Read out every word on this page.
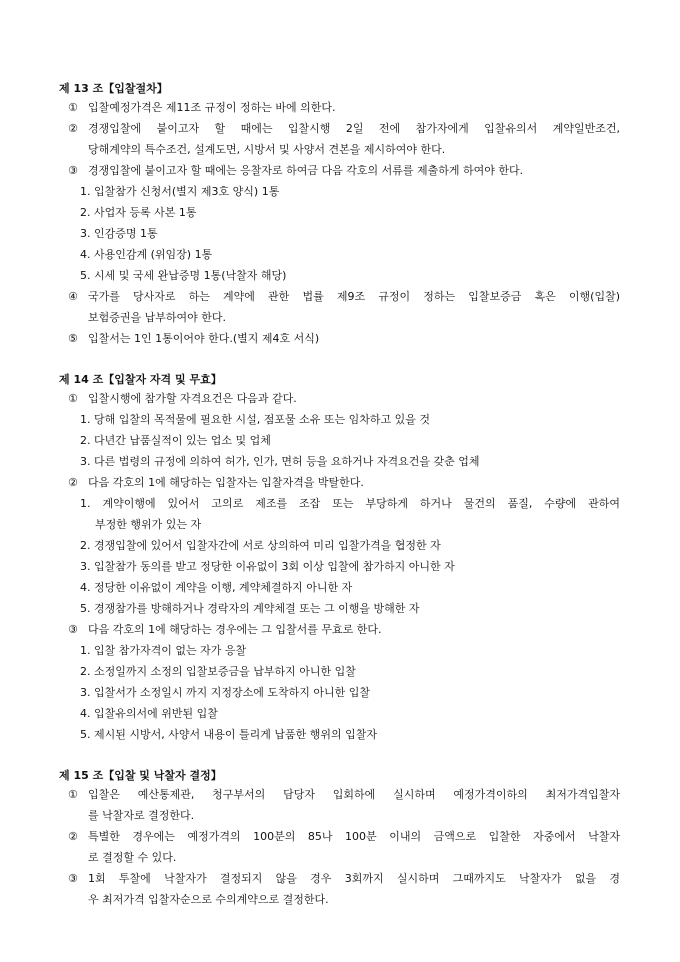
제 13 조【입찰절차】
① 입찰예정가격은 제11조 규정이 정하는 바에 의한다.
② 경쟁입찰에 붙이고자 할 때에는 입찰시행 2일 전에 참가자에게 입찰유의서 계약일반조건,
당해계약의 특수조건, 설계도면, 시방서 및 사양서 견본을 제시하여야 한다.
③ 경쟁입찰에 붙이고자 할 때에는 응찰자로 하여금 다음 각호의 서류를 제출하게 하여야 한다.
1. 입찰참가 신청서(별지 제3호 양식) 1통
2. 사업자 등록 사본 1통
3. 인감증명 1통
4. 사용인감계 (위임장) 1통
5. 시세 및 국세 완납증명 1통(낙찰자 해당)
④ 국가를 당사자로 하는 계약에 관한 법률 제9조 규정이 정하는 입찰보증금 혹은 이행(입찰)
보험증권을 납부하여야 한다.
⑤ 입찰서는 1인 1통이어야 한다.(별지 제4호 서식)
제 14 조【입찰자 자격 및 무효】
① 입찰시행에 참가할 자격요건은 다음과 같다.
1. 당해 입찰의 목적물에 필요한 시설, 점포물 소유 또는 임차하고 있을 것
2. 다년간 납품실적이 있는 업소 및 업체
3. 다른 법령의 규정에 의하여 허가, 인가, 면허 등을 요하거나 자격요건을 갖춘 업체
② 다음 각호의 1에 해당하는 입찰자는 입찰자격을 박탈한다.
1. 계약이행에 있어서 고의로 제조를 조잡 또는 부당하게 하거나 물건의 품질, 수량에 관하여
부정한 행위가 있는 자
2. 경쟁입찰에 있어서 입찰자간에 서로 상의하여 미리 입찰가격을 협정한 자
3. 입찰참가 동의를 받고 정당한 이유없이 3회 이상 입찰에 참가하지 아니한 자
4. 정당한 이유없이 계약을 이행, 계약체결하지 아니한 자
5. 경쟁참가를 방해하거나 경락자의 계약체결 또는 그 이행을 방해한 자
③ 다음 각호의 1에 해당하는 경우에는 그 입찰서를 무효로 한다.
1. 입찰 참가자격이 없는 자가 응찰
2. 소정일까지 소정의 입찰보증금을 납부하지 아니한 입찰
3. 입찰서가 소정일시 까지 지정장소에 도착하지 아니한 입찰
4. 입찰유의서에 위반된 입찰
5. 제시된 시방서, 사양서 내용이 틀리게 납품한 행위의 입찰자
제 15 조【입찰 및 낙찰자 결정】
① 입찰은 예산통제관, 청구부서의 담당자 입회하에 실시하며 예정가격이하의 최저가격입찰자
를 낙찰자로 결정한다.
② 특별한 경우에는 예정가격의 100분의 85나 100분 이내의 금액으로 입찰한 자중에서 낙찰자
로 결정할 수 있다.
③ 1회 투찰에 낙찰자가 결정되지 않을 경우 3회까지 실시하며 그때까지도 낙찰자가 없을 경
우 최저가격 입찰자순으로 수의계약으로 결정한다.
